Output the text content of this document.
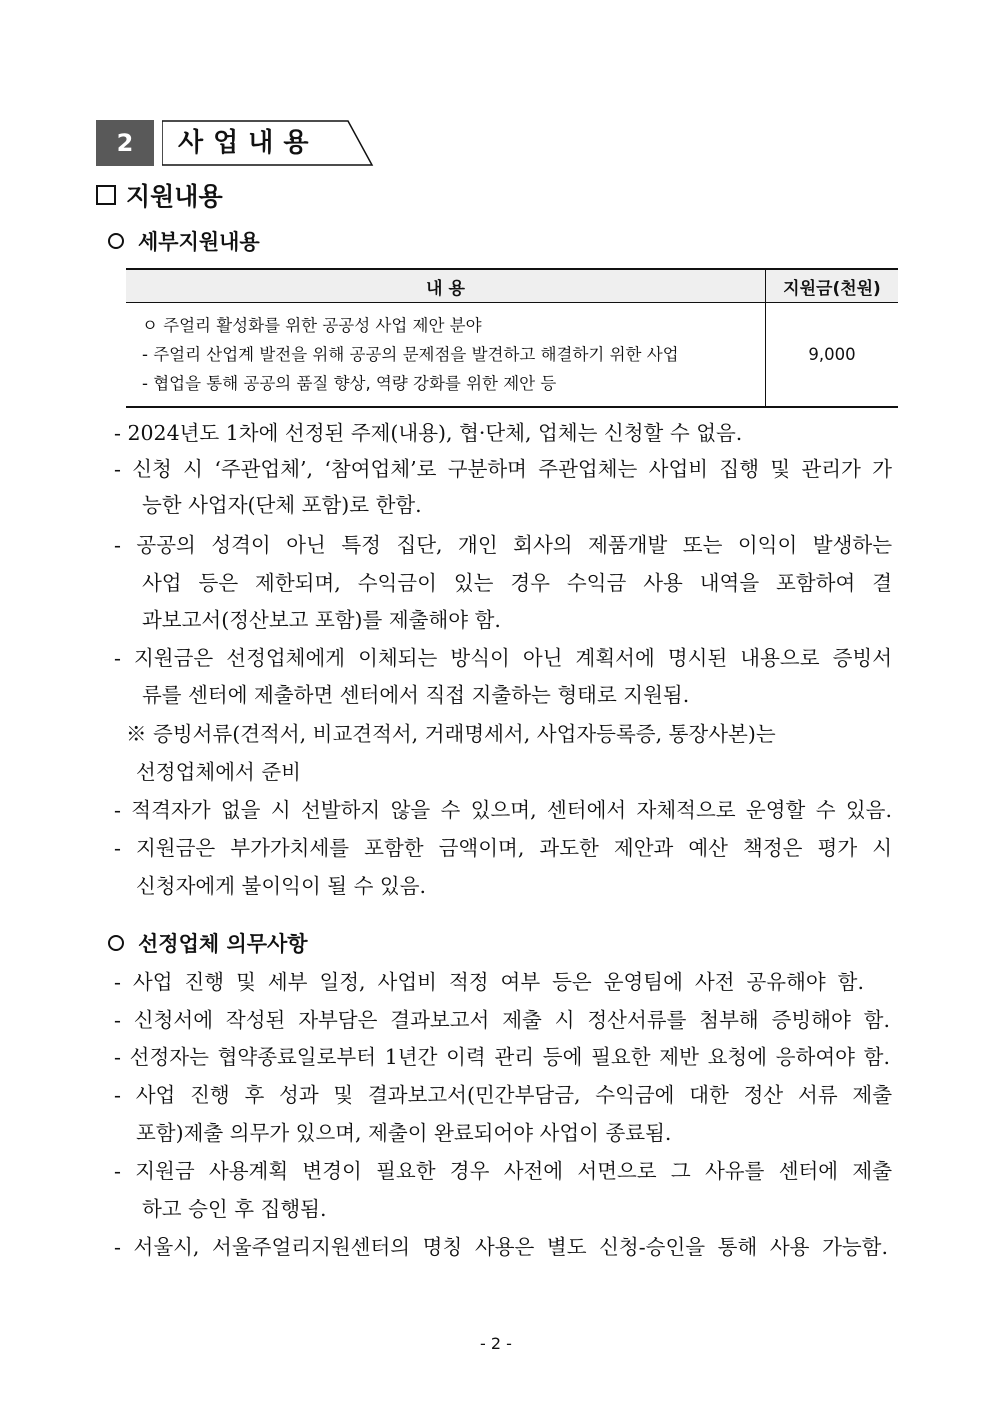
2	사업내용
지원내용
세부지원내용
내 용	지원금(천원)

ㅇ 주얼리 활성화를 위한 공공성 사업 제안 분야
- 주얼리 산업계 발전을 위해 공공의 문제점을 발견하고 해결하기 위한 사업
- 협업을 통해 공공의 품질 향상, 역량 강화를 위한 제안 등	9,000
- 2024년도 1차에 선정된 주제(내용), 협·단체, 업체는 신청할 수 없음.
- 신청 시 ‘주관업체’, ‘참여업체’로 구분하며 주관업체는 사업비 집행 및 관리가 가
능한 사업자(단체 포함)로 한함.
- 공공의 성격이 아닌 특정 집단, 개인 회사의 제품개발 또는 이익이 발생하는
사업 등은 제한되며, 수익금이 있는 경우 수익금 사용 내역을 포함하여 결
과보고서(정산보고 포함)를 제출해야 함.
- 지원금은 선정업체에게 이체되는 방식이 아닌 계획서에 명시된 내용으로 증빙서
류를 센터에 제출하면 센터에서 직접 지출하는 형태로 지원됨.
※ 증빙서류(견적서, 비교견적서, 거래명세서, 사업자등록증, 통장사본)는
선정업체에서 준비
- 적격자가 없을 시 선발하지 않을 수 있으며, 센터에서 자체적으로 운영할 수 있음.
- 지원금은 부가가치세를 포함한 금액이며, 과도한 제안과 예산 책정은 평가 시
신청자에게 불이익이 될 수 있음.
선정업체 의무사항
- 사업 진행 및 세부 일정, 사업비 적정 여부 등은 운영팀에 사전 공유해야 함.
- 신청서에 작성된 자부담은 결과보고서 제출 시 정산서류를 첨부해 증빙해야 함.
- 선정자는 협약종료일로부터 1년간 이력 관리 등에 필요한 제반 요청에 응하여야 함.
- 사업 진행 후 성과 및 결과보고서(민간부담금, 수익금에 대한 정산 서류 제출
포함)제출 의무가 있으며, 제출이 완료되어야 사업이 종료됨.
- 지원금 사용계획 변경이 필요한 경우 사전에 서면으로 그 사유를 센터에 제출
하고 승인 후 집행됨.
- 서울시, 서울주얼리지원센터의 명칭 사용은 별도 신청-승인을 통해 사용 가능함.
- 2 -
